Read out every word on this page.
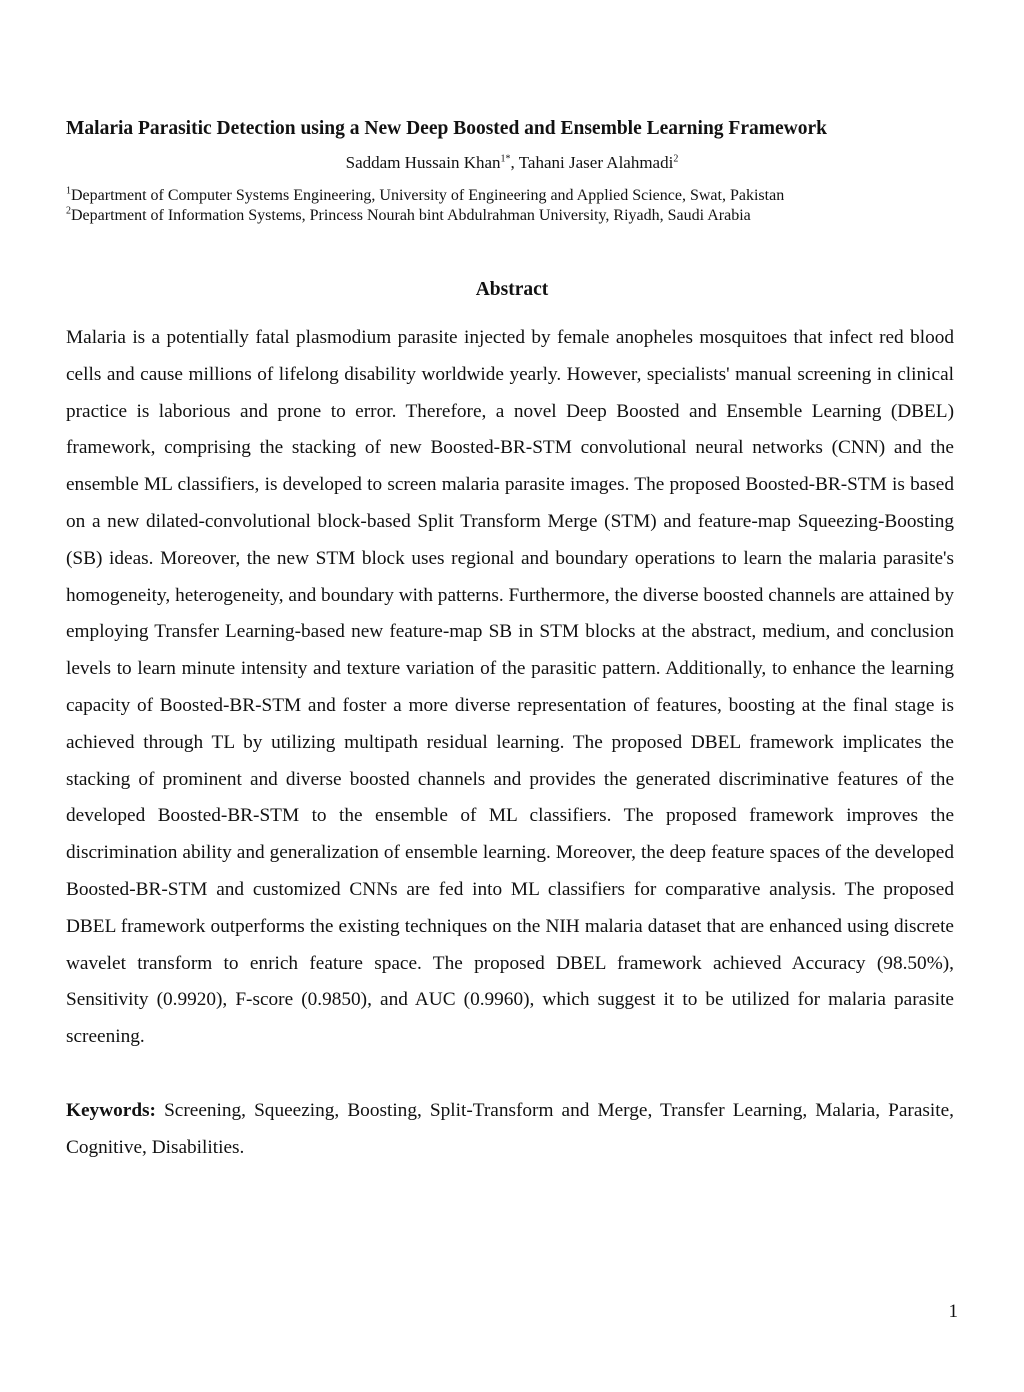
Malaria Parasitic Detection using a New Deep Boosted and Ensemble Learning Framework
Saddam Hussain Khan$^{1*}$, Tahani Jaser Alahmadi$^2$
$^1$Department of Computer Systems Engineering, University of Engineering and Applied Science, Swat, Pakistan
$^2$Department of Information Systems, Princess Nourah bint Abdulrahman University, Riyadh, Saudi Arabia
Abstract

Malaria is a potentially fatal plasmodium parasite injected by female anopheles mosquitoes that infect red blood cells and cause millions of lifelong disability worldwide yearly. However, specialists' manual screening in clinical practice is laborious and prone to error. Therefore, a novel Deep Boosted and Ensemble Learning (DBEL) framework, comprising the stacking of new Boosted-BR-STM convolutional neural networks (CNN) and the ensemble ML classifiers, is developed to screen malaria parasite images. The proposed Boosted-BR-STM is based on a new dilated-convolutional block-based Split Transform Merge (STM) and feature-map Squeezing-Boosting (SB) ideas. Moreover, the new STM block uses regional and boundary operations to learn the malaria parasite's homogeneity, heterogeneity, and boundary with patterns. Furthermore, the diverse boosted channels are attained by employing Transfer Learning-based new feature-map SB in STM blocks at the abstract, medium, and conclusion levels to learn minute intensity and texture variation of the parasitic pattern. Additionally, to enhance the learning capacity of Boosted-BR-STM and foster a more diverse representation of features, boosting at the final stage is achieved through TL by utilizing multipath residual learning. The proposed DBEL framework implicates the stacking of prominent and diverse boosted channels and provides the generated discriminative features of the developed Boosted-BR-STM to the ensemble of ML classifiers. The proposed framework improves the discrimination ability and generalization of ensemble learning. Moreover, the deep feature spaces of the developed Boosted-BR-STM and customized CNNs are fed into ML classifiers for comparative analysis. The proposed DBEL framework outperforms the existing techniques on the NIH malaria dataset that are enhanced using discrete wavelet transform to enrich feature space. The proposed DBEL framework achieved Accuracy (98.50%), Sensitivity (0.9920), F-score (0.9850), and AUC (0.9960), which suggest it to be utilized for malaria parasite screening.

Keywords: Screening, Squeezing, Boosting, Split-Transform and Merge, Transfer Learning, Malaria, Parasite, Cognitive, Disabilities.

1
